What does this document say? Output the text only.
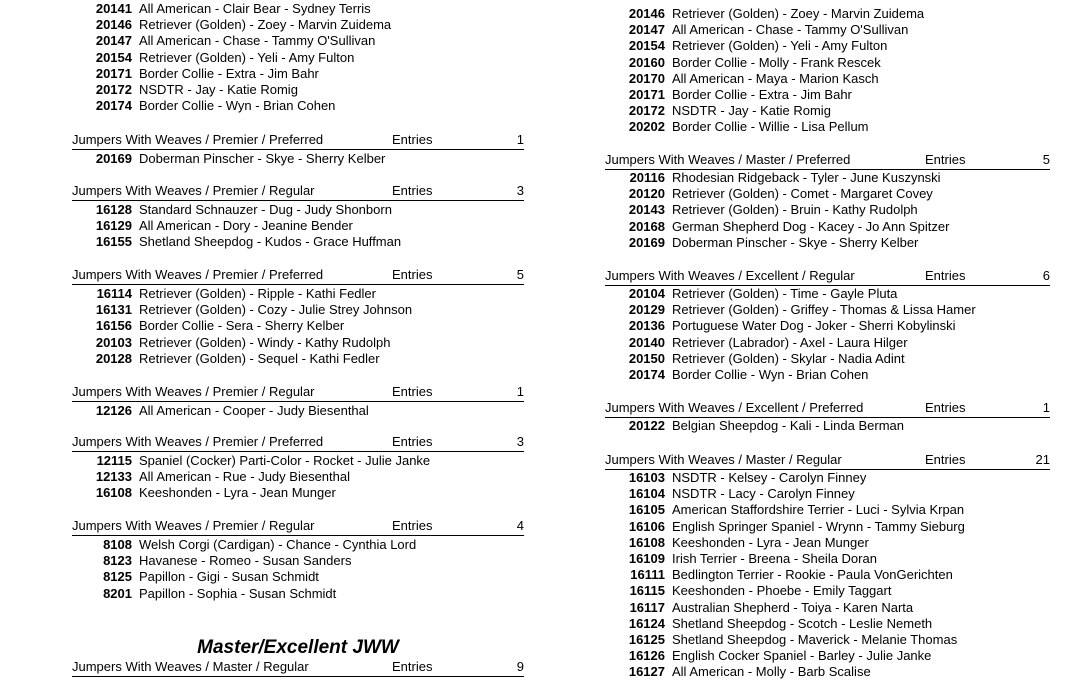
20141 All American - Clair Bear - Sydney Terris
20146 Retriever (Golden) - Zoey - Marvin Zuidema
20147 All American - Chase - Tammy O'Sullivan
20154 Retriever (Golden) - Yeli - Amy Fulton
20171 Border Collie - Extra - Jim Bahr
20172 NSDTR - Jay - Katie Romig
20174 Border Collie - Wyn - Brian Cohen
Jumpers With Weaves / Premier / Preferred	Entries	1
20169 Doberman Pinscher - Skye - Sherry Kelber
Jumpers With Weaves / Premier / Regular	Entries	3
16128 Standard Schnauzer - Dug - Judy Shonborn
16129 All American - Dory - Jeanine Bender
16155 Shetland Sheepdog - Kudos - Grace Huffman
Jumpers With Weaves / Premier / Preferred	Entries	5
16114 Retriever (Golden) - Ripple - Kathi Fedler
16131 Retriever (Golden) - Cozy - Julie Strey Johnson
16156 Border Collie - Sera - Sherry Kelber
20103 Retriever (Golden) - Windy - Kathy Rudolph
20128 Retriever (Golden) - Sequel - Kathi Fedler
Jumpers With Weaves / Premier / Regular	Entries	1
12126 All American - Cooper - Judy Biesenthal
Jumpers With Weaves / Premier / Preferred	Entries	3
12115 Spaniel (Cocker) Parti-Color - Rocket - Julie Janke
12133 All American - Rue - Judy Biesenthal
16108 Keeshonden - Lyra - Jean Munger
Jumpers With Weaves / Premier / Regular	Entries	4
8108 Welsh Corgi (Cardigan) - Chance - Cynthia Lord
8123 Havanese - Romeo - Susan Sanders
8125 Papillon - Gigi - Susan Schmidt
8201 Papillon - Sophia - Susan Schmidt
Master/Excellent JWW
Jumpers With Weaves / Master / Regular	Entries	9
20146 Retriever (Golden) - Zoey - Marvin Zuidema
20147 All American - Chase - Tammy O'Sullivan
20154 Retriever (Golden) - Yeli - Amy Fulton
20160 Border Collie - Molly - Frank Rescek
20170 All American - Maya - Marion Kasch
20171 Border Collie - Extra - Jim Bahr
20172 NSDTR - Jay - Katie Romig
20202 Border Collie - Willie - Lisa Pellum
Jumpers With Weaves / Master / Preferred	Entries	5
20116 Rhodesian Ridgeback - Tyler - June Kuszynski
20120 Retriever (Golden) - Comet - Margaret Covey
20143 Retriever (Golden) - Bruin - Kathy Rudolph
20168 German Shepherd Dog - Kacey - Jo Ann Spitzer
20169 Doberman Pinscher - Skye - Sherry Kelber
Jumpers With Weaves / Excellent / Regular	Entries	6
20104 Retriever (Golden) - Time - Gayle Pluta
20129 Retriever (Golden) - Griffey - Thomas & Lissa Hamer
20136 Portuguese Water Dog - Joker - Sherri Kobylinski
20140 Retriever (Labrador) - Axel - Laura Hilger
20150 Retriever (Golden) - Skylar - Nadia Adint
20174 Border Collie - Wyn - Brian Cohen
Jumpers With Weaves / Excellent / Preferred	Entries	1
20122 Belgian Sheepdog - Kali - Linda Berman
Jumpers With Weaves / Master / Regular	Entries	21
16103 NSDTR - Kelsey - Carolyn Finney
16104 NSDTR - Lacy - Carolyn Finney
16105 American Staffordshire Terrier - Luci - Sylvia Krpan
16106 English Springer Spaniel - Wrynn - Tammy Sieburg
16108 Keeshonden - Lyra - Jean Munger
16109 Irish Terrier - Breena - Sheila Doran
16111 Bedlington Terrier - Rookie - Paula VonGerichten
16115 Keeshonden - Phoebe - Emily Taggart
16117 Australian Shepherd - Toiya - Karen Narta
16124 Shetland Sheepdog - Scotch - Leslie Nemeth
16125 Shetland Sheepdog - Maverick - Melanie Thomas
16126 English Cocker Spaniel - Barley - Julie Janke
16127 All American - Molly - Barb Scalise
